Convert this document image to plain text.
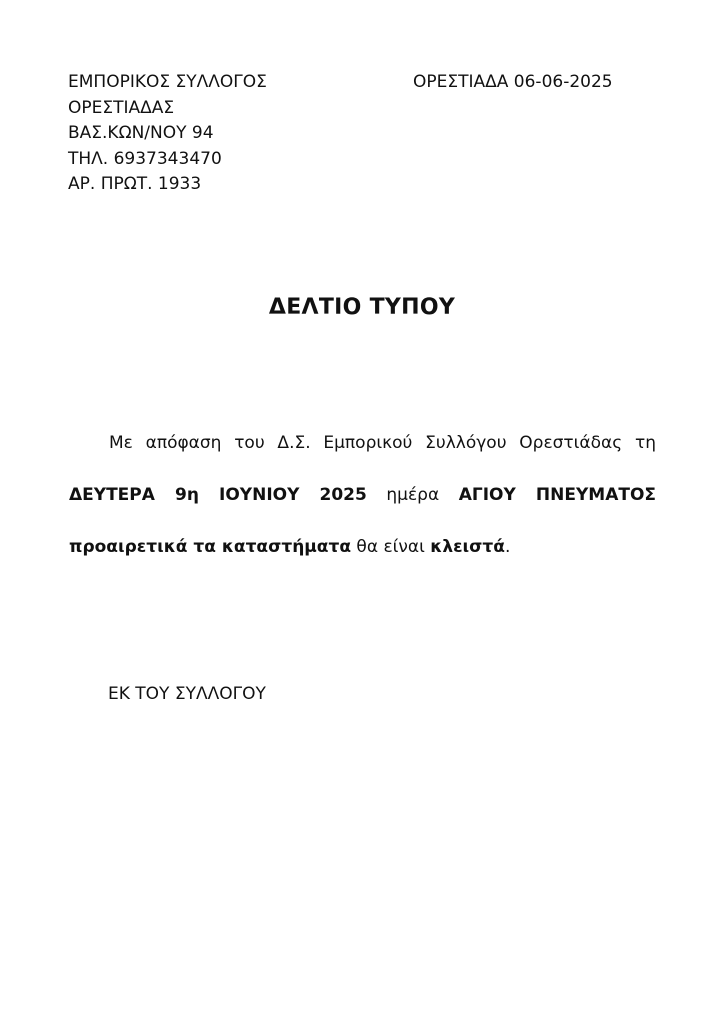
ΕΜΠΟΡΙΚΟΣ ΣΥΛΛΟΓΟΣ
ΟΡΕΣΤΙΑΔΑΣ
ΒΑΣ.ΚΩΝ/ΝΟΥ 94
ΤΗΛ. 6937343470
ΑΡ. ΠΡΩΤ. 1933
ΟΡΕΣΤΙΑΔΑ 06-06-2025
ΔΕΛΤΙΟ ΤΥΠΟΥ

Με απόφαση του Δ.Σ. Εμπορικού Συλλόγου Ορεστιάδας τη ΔΕΥΤΕΡΑ 9η ΙΟΥΝΙΟΥ 2025 ημέρα ΑΓΙΟΥ ΠΝΕΥΜΑΤΟΣ προαιρετικά τα καταστήματα θα είναι κλειστά.

ΕΚ ΤΟΥ ΣΥΛΛΟΓΟΥ
